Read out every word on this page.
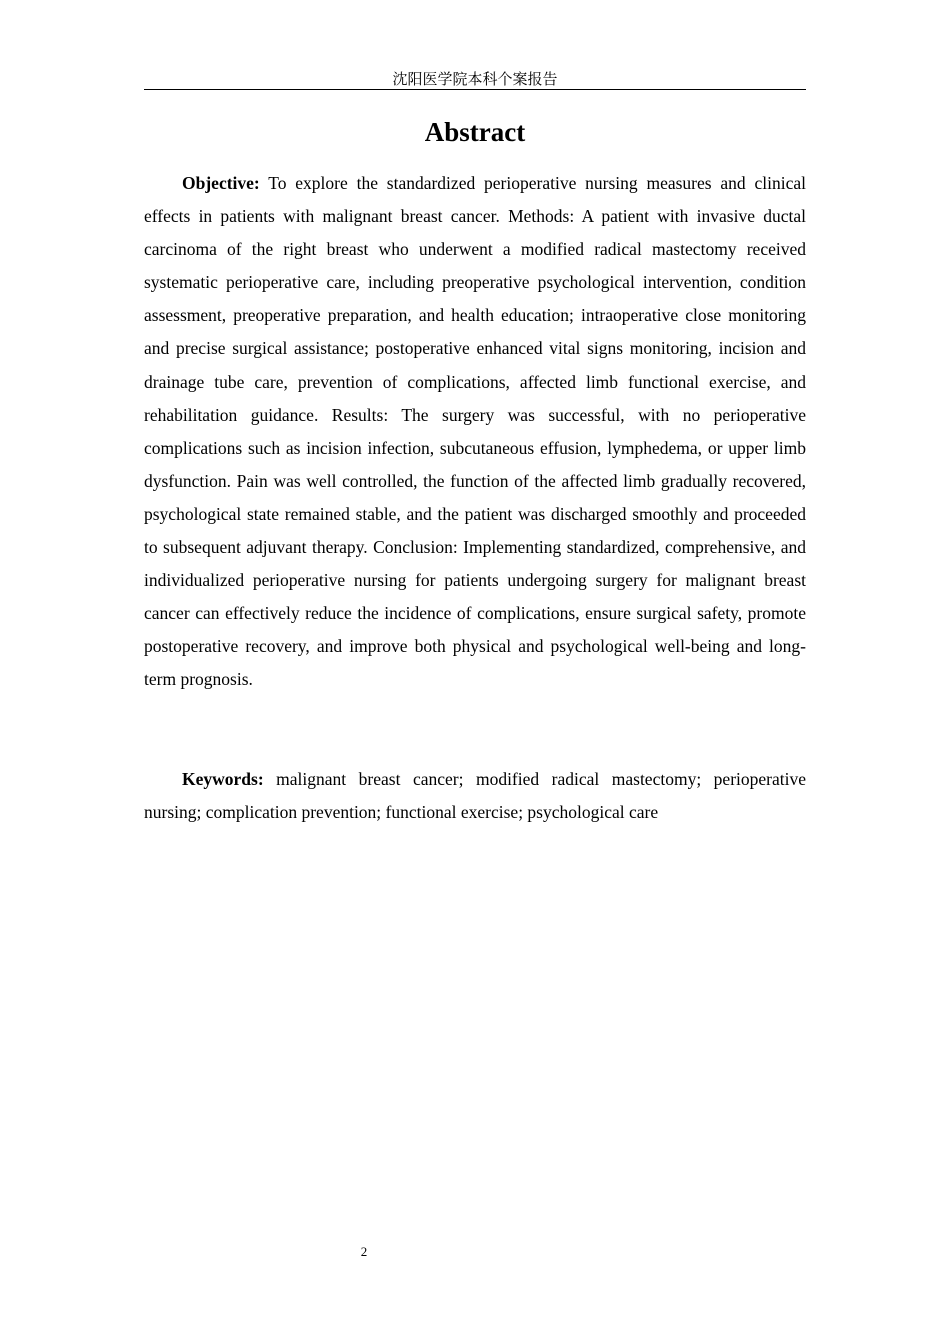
沈阳医学院本科个案报告
Abstract

Objective: To explore the standardized perioperative nursing measures and clinical effects in patients with malignant breast cancer. Methods: A patient with invasive ductal carcinoma of the right breast who underwent a modified radical mastectomy received systematic perioperative care, including preoperative psychological intervention, condition assessment, preoperative preparation, and health education; intraoperative close monitoring and precise surgical assistance; postoperative enhanced vital signs monitoring, incision and drainage tube care, prevention of complications, affected limb functional exercise, and rehabilitation guidance. Results: The surgery was successful, with no perioperative complications such as incision infection, subcutaneous effusion, lymphedema, or upper limb dysfunction. Pain was well controlled, the function of the affected limb gradually recovered, psychological state remained stable, and the patient was discharged smoothly and proceeded to subsequent adjuvant therapy. Conclusion: Implementing standardized, comprehensive, and individualized perioperative nursing for patients undergoing surgery for malignant breast cancer can effectively reduce the incidence of complications, ensure surgical safety, promote postoperative recovery, and improve both physical and psychological well-being and long-term prognosis.

Keywords: malignant breast cancer; modified radical mastectomy; perioperative nursing; complication prevention; functional exercise; psychological care

2
